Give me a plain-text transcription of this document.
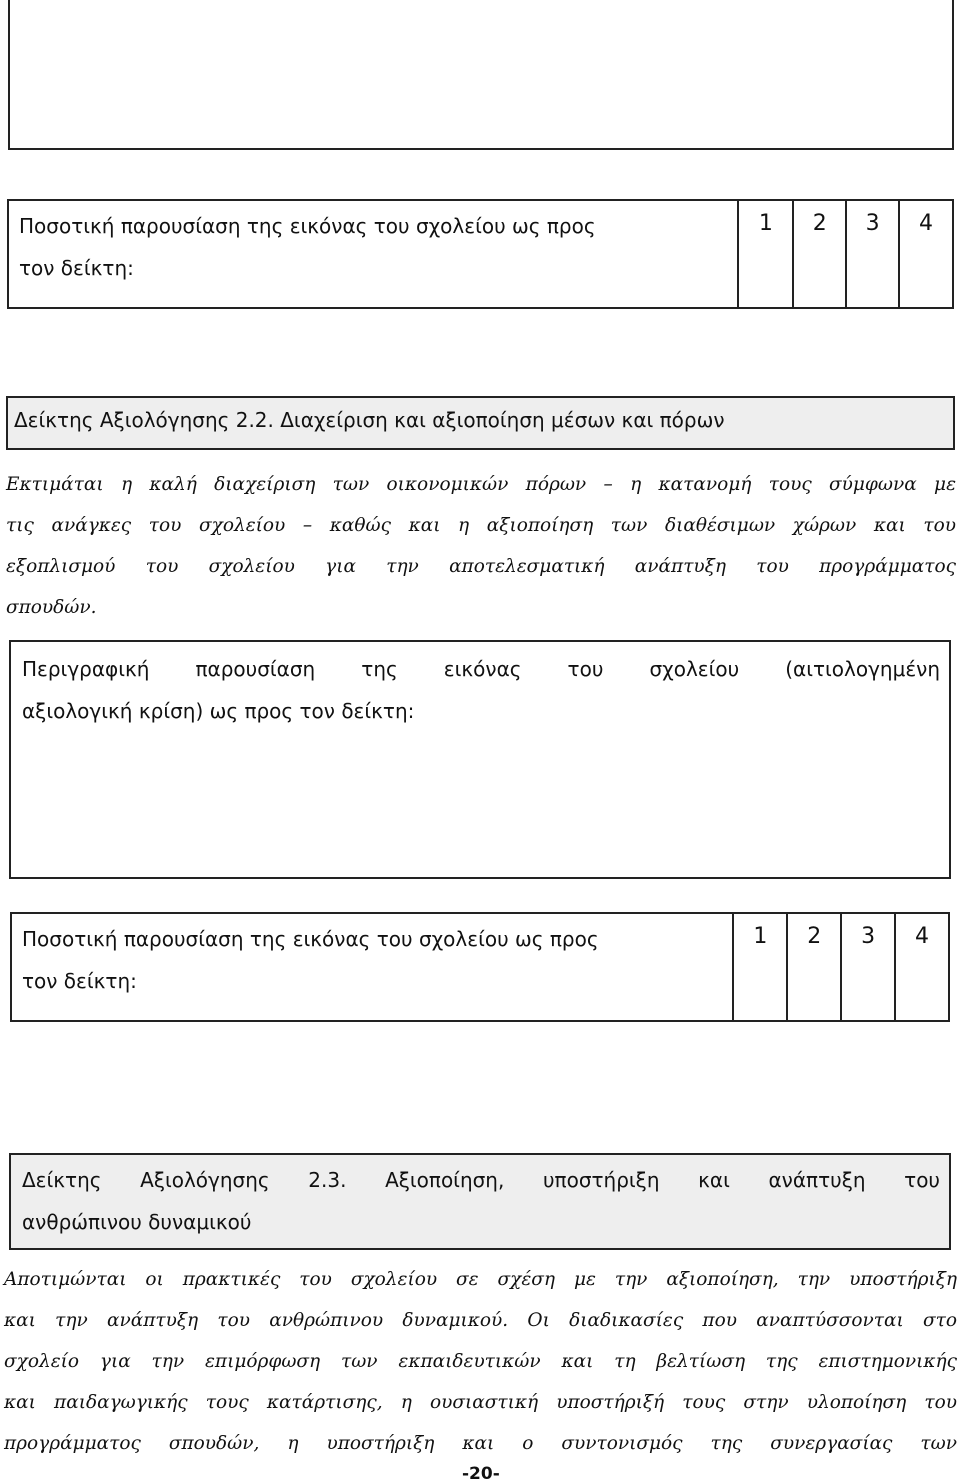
Ποσοτική παρουσίαση της εικόνας του σχολείου ως προς
τον δείκτη:

1	2	3	4
Δείκτης Αξιολόγησης 2.2. Διαχείριση και αξιοποίηση μέσων και πόρων
Εκτιμάται η καλή διαχείριση των οικονομικών πόρων – η κατανομή τους σύμφωνα με
τις ανάγκες του σχολείου – καθώς και η αξιοποίηση των διαθέσιμων χώρων και του
εξοπλισμού του σχολείου για την αποτελεσματική ανάπτυξη του προγράμματος
σπουδών.
Περιγραφική παρουσίαση της εικόνας του σχολείου (αιτιολογημένη
αξιολογική κρίση) ως προς τον δείκτη:
Ποσοτική παρουσίαση της εικόνας του σχολείου ως προς
τον δείκτη:

1	2	3	4
Δείκτης Αξιολόγησης 2.3. Αξιοποίηση, υποστήριξη και ανάπτυξη του
ανθρώπινου δυναμικού
Αποτιμώνται οι πρακτικές του σχολείου σε σχέση με την αξιοποίηση, την υποστήριξη
και την ανάπτυξη του ανθρώπινου δυναμικού. Οι διαδικασίες που αναπτύσσονται στο
σχολείο για την επιμόρφωση των εκπαιδευτικών και τη βελτίωση της επιστημονικής
και παιδαγωγικής τους κατάρτισης, η ουσιαστική υποστήριξή τους στην υλοποίηση του
προγράμματος σπουδών, η υποστήριξη και ο συντονισμός της συνεργασίας των
-20-
